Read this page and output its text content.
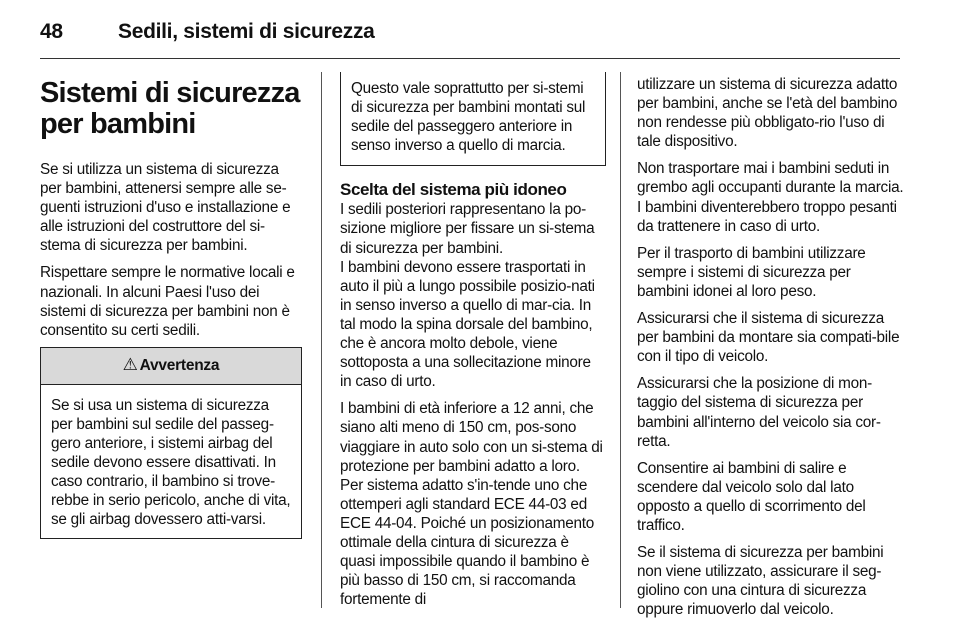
48	Sedili, sistemi di sicurezza
Sistemi di sicurezza per bambini

Se si utilizza un sistema di sicurezza per bambini, attenersi sempre alle se-guenti istruzioni d'uso e installazione e alle istruzioni del costruttore del si-stema di sicurezza per bambini.

Rispettare sempre le normative locali e nazionali. In alcuni Paesi l'uso dei sistemi di sicurezza per bambini non è consentito su certi sedili.

⚠ Avvertenza
Se si usa un sistema di sicurezza per bambini sul sedile del passeg-gero anteriore, i sistemi airbag del sedile devono essere disattivati. In caso contrario, il bambino si trove-rebbe in serio pericolo, anche di vita, se gli airbag dovessero atti-varsi.
Questo vale soprattutto per si-stemi di sicurezza per bambini montati sul sedile del passeggero anteriore in senso inverso a quello di marcia.
Scelta del sistema più idoneo

I sedili posteriori rappresentano la po-sizione migliore per fissare un si-stema di sicurezza per bambini.

I bambini devono essere trasportati in auto il più a lungo possibile posizio-nati in senso inverso a quello di mar-cia. In tal modo la spina dorsale del bambino, che è ancora molto debole, viene sottoposta a una sollecitazione minore in caso di urto.

I bambini di età inferiore a 12 anni, che siano alti meno di 150 cm, pos-sono viaggiare in auto solo con un si-stema di protezione per bambini adatto a loro. Per sistema adatto s'in-tende uno che ottemperi agli standard ECE 44-03 ed ECE 44-04. Poiché un posizionamento ottimale della cintura di sicurezza è quasi impossibile quando il bambino è più basso di 150 cm, si raccomanda fortemente di

utilizzare un sistema di sicurezza adatto per bambini, anche se l'età del bambino non rendesse più obbligato-rio l'uso di tale dispositivo.

Non trasportare mai i bambini seduti in grembo agli occupanti durante la marcia. I bambini diventerebbero troppo pesanti da trattenere in caso di urto.

Per il trasporto di bambini utilizzare sempre i sistemi di sicurezza per bambini idonei al loro peso.

Assicurarsi che il sistema di sicurezza per bambini da montare sia compati-bile con il tipo di veicolo.

Assicurarsi che la posizione di mon-taggio del sistema di sicurezza per bambini all'interno del veicolo sia cor-retta.

Consentire ai bambini di salire e scendere dal veicolo solo dal lato opposto a quello di scorrimento del traffico.

Se il sistema di sicurezza per bambini non viene utilizzato, assicurare il seg-giolino con una cintura di sicurezza oppure rimuoverlo dal veicolo.
